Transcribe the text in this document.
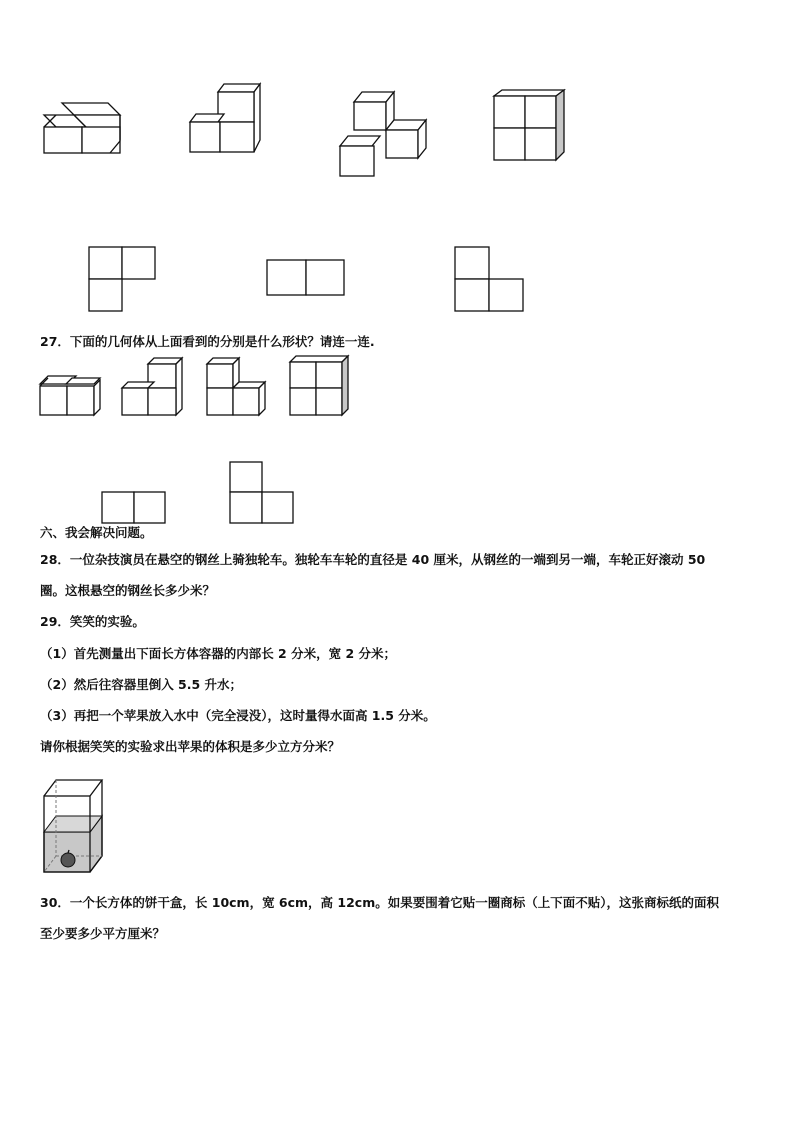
27．下面的几何体从上面看到的分别是什么形状？请连一连.
六、我会解决问题。
28．一位杂技演员在悬空的钢丝上骑独轮车。独轮车车轮的直径是 40 厘米，从钢丝的一端到另一端，车轮正好滚动 50
圈。这根悬空的钢丝长多少米？
29．笑笑的实验。
（1）首先测量出下面长方体容器的内部长 2 分米，宽 2 分米；
（2）然后往容器里倒入 5.5 升水；
（3）再把一个苹果放入水中（完全浸没），这时量得水面高 1.5 分米。
请你根据笑笑的实验求出苹果的体积是多少立方分米？
30．一个长方体的饼干盒，长 10cm，宽 6cm，高 12cm。如果要围着它贴一圈商标（上下面不贴），这张商标纸的面积
至少要多少平方厘米？
